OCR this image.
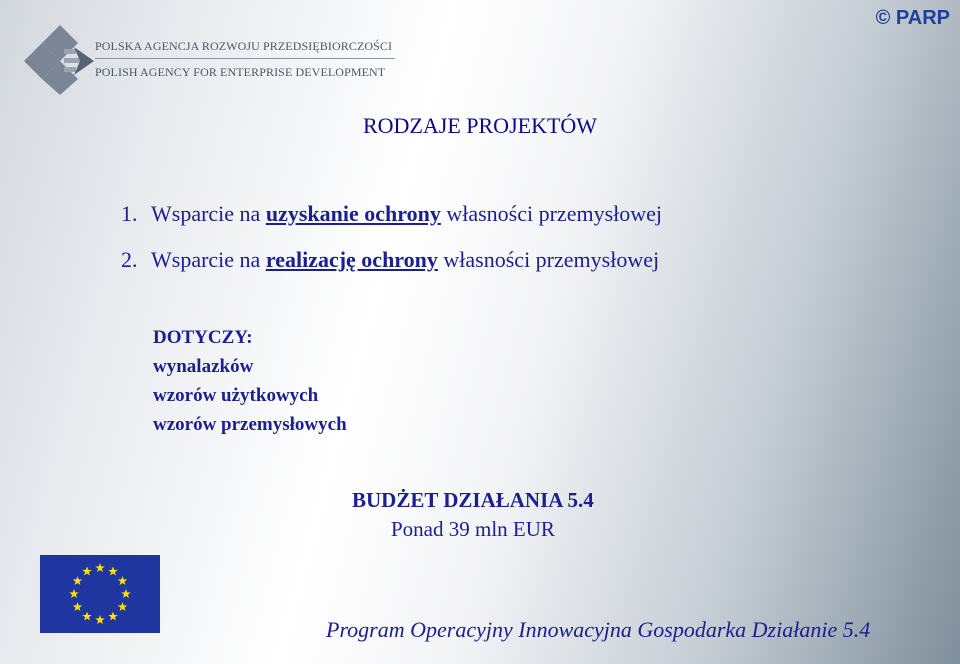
© PARP
POLSKA AGENCJA ROZWOJU PRZEDSIĘBIORCZOŚCI
POLISH AGENCY FOR ENTERPRISE DEVELOPMENT
RODZAJE PROJEKTÓW
1. Wsparcie na uzyskanie ochrony własności przemysłowej
2. Wsparcie na realizację ochrony własności przemysłowej
DOTYCZY:
wynalazków
wzorów użytkowych
wzorów przemysłowych
BUDŻET DZIAŁANIA 5.4
Ponad 39 mln EUR
Program Operacyjny Innowacyjna Gospodarka Działanie 5.4
